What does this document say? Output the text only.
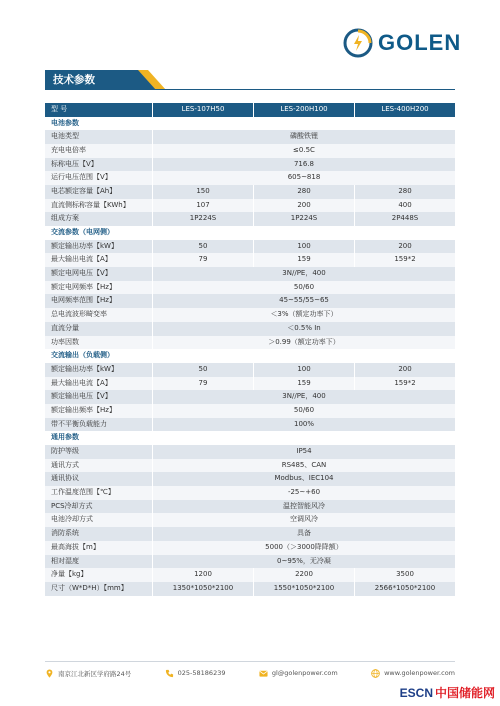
GOLEN
技术参数
型 号	LES-107H50	LES-200H100	LES-400H200
电池参数
电池类型	磷酸铁锂
充电电倍率	≤0.5C
标称电压【V】	716.8
运行电压范围【V】	605~818
电芯额定容量【Ah】	150	280	280
直流侧标称容量【KWh】	107	200	400
组成方案	1P224S	1P224S	2P448S
交流参数（电网侧）
额定输出功率【kW】	50	100	200
最大输出电流【A】	79	159	159*2
额定电网电压【V】	3N//PE，400
额定电网频率【Hz】	50/60
电网频率范围【Hz】	45~55/55~65
总电流波形畸变率	＜3%（额定功率下）
直流分量	＜0.5% In
功率因数	＞0.99（额定功率下）
交流输出（负载侧）
额定输出功率【kW】	50	100	200
最大输出电流【A】	79	159	159*2
额定输出电压【V】	3N//PE，400
额定输出频率【Hz】	50/60
带不平衡负载能力	100%
通用参数
防护等级	IP54
通讯方式	RS485、CAN
通讯协议	Modbus、IEC104
工作温度范围【℃】	-25~+60
PCS冷却方式	温控智能风冷
电池冷却方式	空调风冷
消防系统	具备
最高海拔【m】	5000（＞3000降降额）
相对湿度	0~95%，无冷凝
净量【kg】	1200	2200	3500
尺寸（W*D*H）【mm】	1350*1050*2100	1550*1050*2100	2566*1050*2100
南京江北新区学府路24号	025-58186239	gl@golenpower.com	www.golenpower.com
ESCN 中国储能网
